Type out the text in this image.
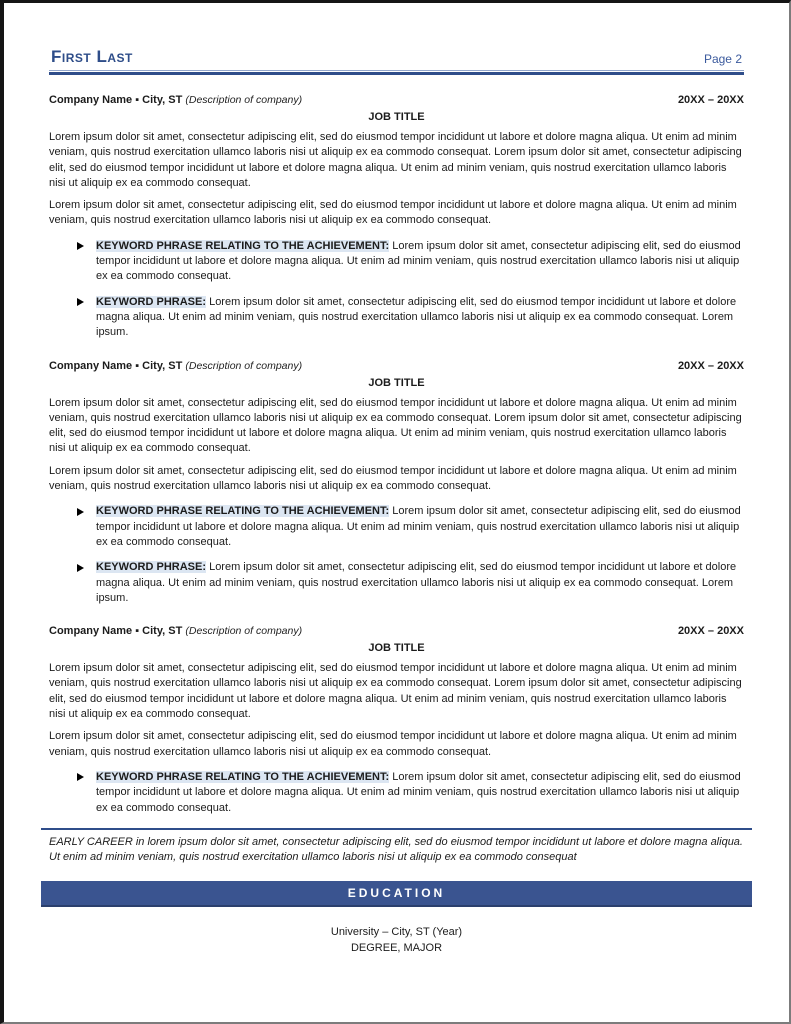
First Last	Page 2
Company Name ▪ City, ST (Description of company)	20XX – 20XX
JOB TITLE

Lorem ipsum dolor sit amet, consectetur adipiscing elit, sed do eiusmod tempor incididunt ut labore et dolore magna aliqua. Ut enim ad minim veniam, quis nostrud exercitation ullamco laboris nisi ut aliquip ex ea commodo consequat. Lorem ipsum dolor sit amet, consectetur adipiscing elit, sed do eiusmod tempor incididunt ut labore et dolore magna aliqua. Ut enim ad minim veniam, quis nostrud exercitation ullamco laboris nisi ut aliquip ex ea commodo consequat.

Lorem ipsum dolor sit amet, consectetur adipiscing elit, sed do eiusmod tempor incididunt ut labore et dolore magna aliqua. Ut enim ad minim veniam, quis nostrud exercitation ullamco laboris nisi ut aliquip ex ea commodo consequat.

KEYWORD PHRASE RELATING TO THE ACHIEVEMENT: Lorem ipsum dolor sit amet, consectetur adipiscing elit, sed do eiusmod tempor incididunt ut labore et dolore magna aliqua. Ut enim ad minim veniam, quis nostrud exercitation ullamco laboris nisi ut aliquip ex ea commodo consequat.
KEYWORD PHRASE: Lorem ipsum dolor sit amet, consectetur adipiscing elit, sed do eiusmod tempor incididunt ut labore et dolore magna aliqua. Ut enim ad minim veniam, quis nostrud exercitation ullamco laboris nisi ut aliquip ex ea commodo consequat. Lorem ipsum.
Company Name ▪ City, ST (Description of company)	20XX – 20XX
JOB TITLE

Lorem ipsum dolor sit amet, consectetur adipiscing elit, sed do eiusmod tempor incididunt ut labore et dolore magna aliqua. Ut enim ad minim veniam, quis nostrud exercitation ullamco laboris nisi ut aliquip ex ea commodo consequat. Lorem ipsum dolor sit amet, consectetur adipiscing elit, sed do eiusmod tempor incididunt ut labore et dolore magna aliqua. Ut enim ad minim veniam, quis nostrud exercitation ullamco laboris nisi ut aliquip ex ea commodo consequat.

Lorem ipsum dolor sit amet, consectetur adipiscing elit, sed do eiusmod tempor incididunt ut labore et dolore magna aliqua. Ut enim ad minim veniam, quis nostrud exercitation ullamco laboris nisi ut aliquip ex ea commodo consequat.

KEYWORD PHRASE RELATING TO THE ACHIEVEMENT: Lorem ipsum dolor sit amet, consectetur adipiscing elit, sed do eiusmod tempor incididunt ut labore et dolore magna aliqua. Ut enim ad minim veniam, quis nostrud exercitation ullamco laboris nisi ut aliquip ex ea commodo consequat.
KEYWORD PHRASE: Lorem ipsum dolor sit amet, consectetur adipiscing elit, sed do eiusmod tempor incididunt ut labore et dolore magna aliqua. Ut enim ad minim veniam, quis nostrud exercitation ullamco laboris nisi ut aliquip ex ea commodo consequat. Lorem ipsum.
Company Name ▪ City, ST (Description of company)	20XX – 20XX
JOB TITLE

Lorem ipsum dolor sit amet, consectetur adipiscing elit, sed do eiusmod tempor incididunt ut labore et dolore magna aliqua. Ut enim ad minim veniam, quis nostrud exercitation ullamco laboris nisi ut aliquip ex ea commodo consequat. Lorem ipsum dolor sit amet, consectetur adipiscing elit, sed do eiusmod tempor incididunt ut labore et dolore magna aliqua. Ut enim ad minim veniam, quis nostrud exercitation ullamco laboris nisi ut aliquip ex ea commodo consequat.

Lorem ipsum dolor sit amet, consectetur adipiscing elit, sed do eiusmod tempor incididunt ut labore et dolore magna aliqua. Ut enim ad minim veniam, quis nostrud exercitation ullamco laboris nisi ut aliquip ex ea commodo consequat.

KEYWORD PHRASE RELATING TO THE ACHIEVEMENT: Lorem ipsum dolor sit amet, consectetur adipiscing elit, sed do eiusmod tempor incididunt ut labore et dolore magna aliqua. Ut enim ad minim veniam, quis nostrud exercitation ullamco laboris nisi ut aliquip ex ea commodo consequat.
EARLY CAREER in lorem ipsum dolor sit amet, consectetur adipiscing elit, sed do eiusmod tempor incididunt ut labore et dolore magna aliqua. Ut enim ad minim veniam, quis nostrud exercitation ullamco laboris nisi ut aliquip ex ea commodo consequat
EDUCATION
University – City, ST (Year)
DEGREE, MAJOR
